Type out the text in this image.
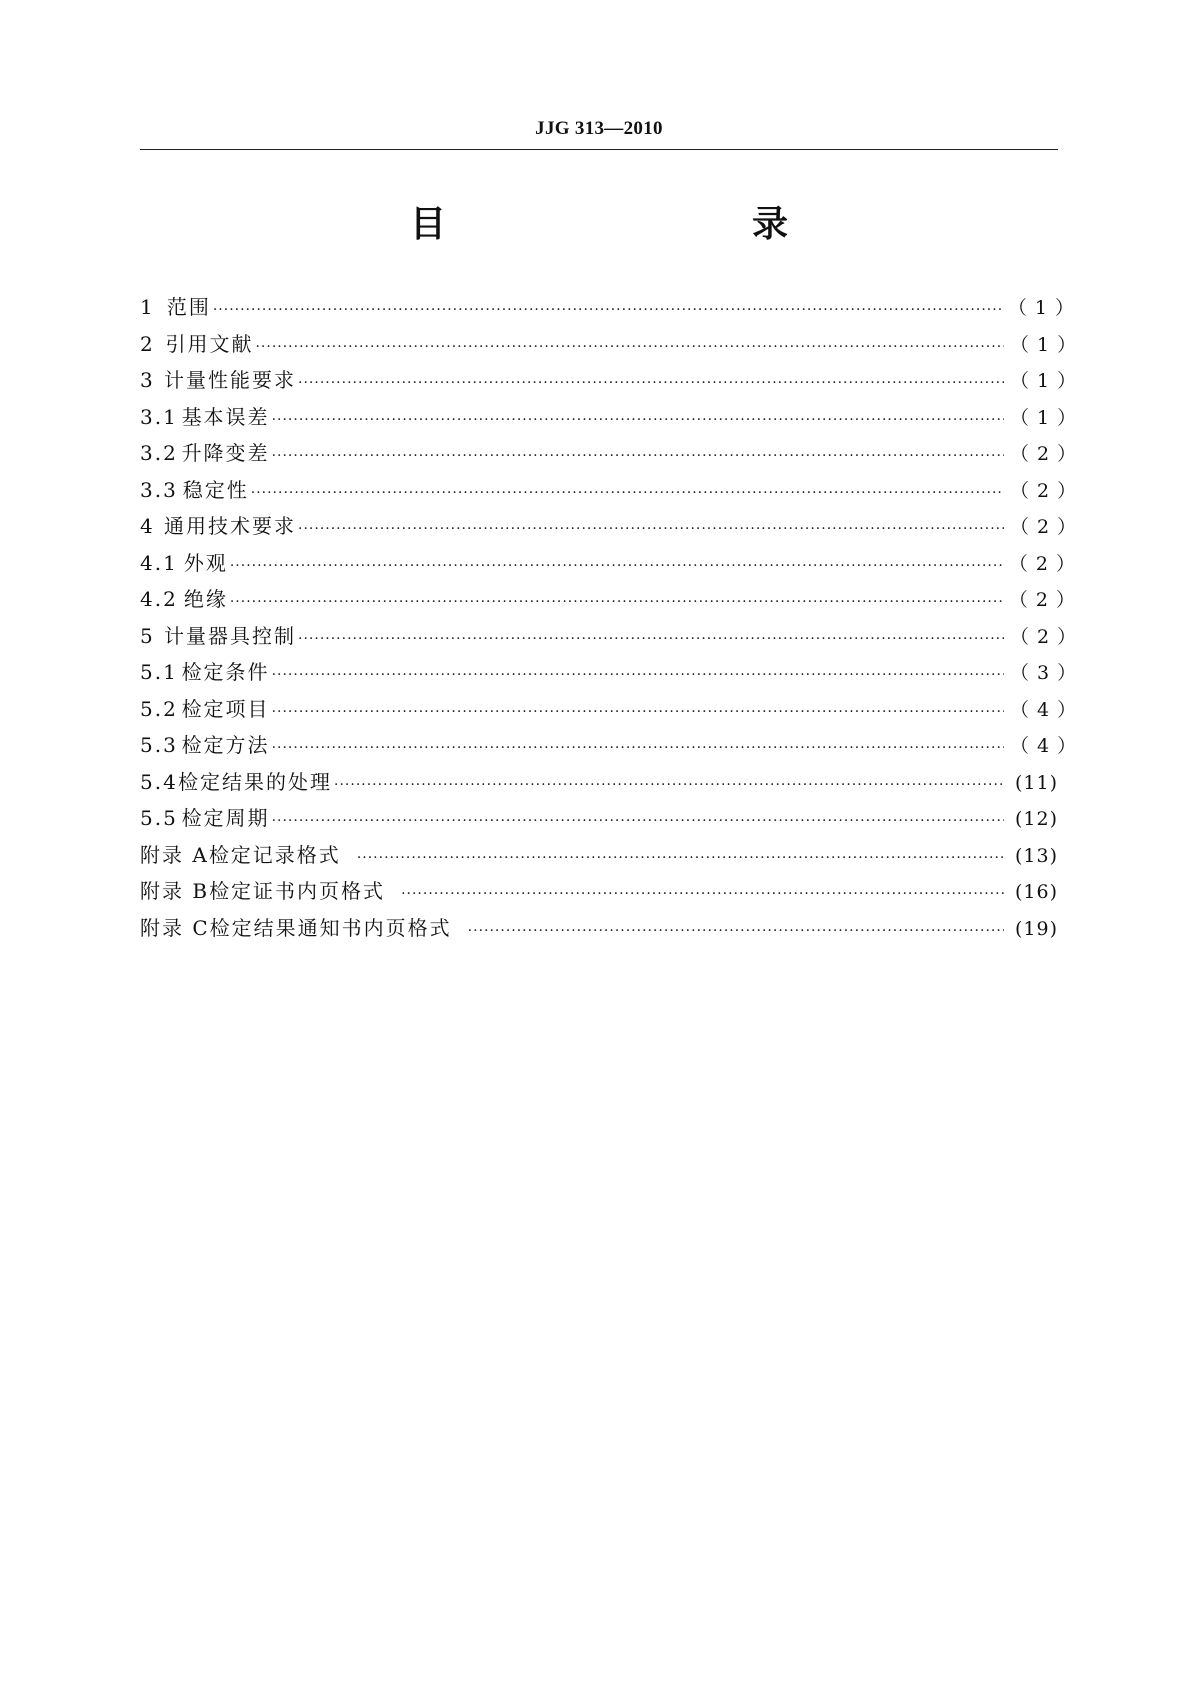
JJG 313—2010
目　　录
1 范围 ·····	（ 1 ）
2 引用文献 ·····	（ 1 ）
3 计量性能要求 ·····	（ 1 ）
3.1 基本误差 ·····	（ 1 ）
3.2 升降变差 ·····	（ 2 ）
3.3 稳定性 ·····	（ 2 ）
4 通用技术要求 ·····	（ 2 ）
4.1 外观 ·····	（ 2 ）
4.2 绝缘 ·····	（ 2 ）
5 计量器具控制 ·····	（ 2 ）
5.1 检定条件 ·····	（ 3 ）
5.2 检定项目 ·····	（ 4 ）
5.3 检定方法 ·····	（ 4 ）
5.4 检定结果的处理 ·····	(11)
5.5 检定周期 ·····	(12)
附录 A 检定记录格式 ·····	(13)
附录 B 检定证书内页格式 ·····	(16)
附录 C 检定结果通知书内页格式 ·····	(19)
